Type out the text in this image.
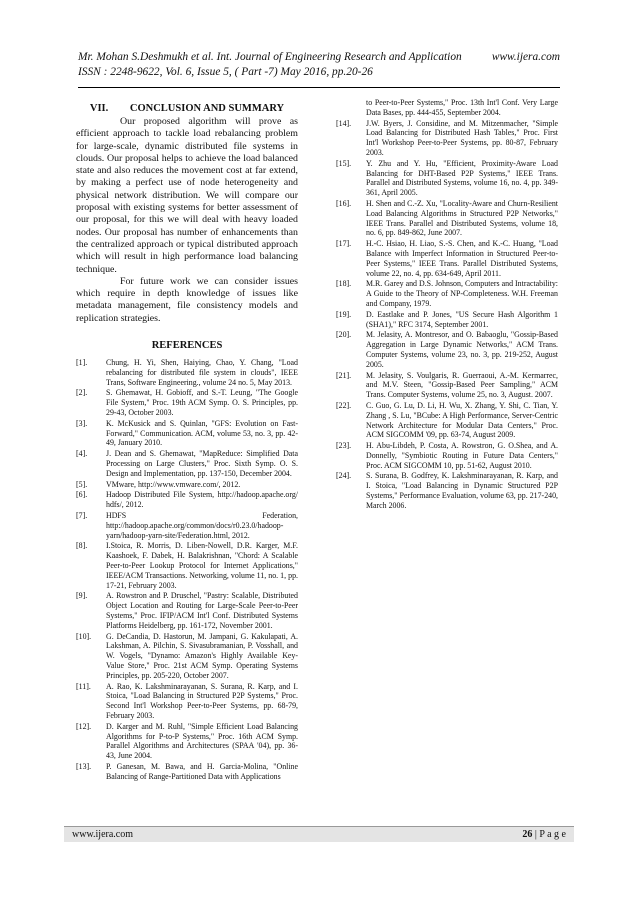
Mr. Mohan S.Deshmukh et al. Int. Journal of Engineering Research and Application	www.ijera.com
ISSN : 2248-9622, Vol. 6, Issue 5, ( Part -7) May 2016, pp.20-26
VII. CONCLUSION AND SUMMARY

Our proposed algorithm will prove as efficient approach to tackle load rebalancing problem for large-scale, dynamic distributed file systems in clouds. Our proposal helps to achieve the load balanced state and also reduces the movement cost at far extend, by making a perfect use of node heterogeneity and physical network distribution. We will compare our proposal with existing systems for better assessment of our proposal, for this we will deal with heavy loaded nodes. Our proposal has number of enhancements than the centralized approach or typical distributed approach which will result in high performance load balancing technique.

For future work we can consider issues which require in depth knowledge of issues like metadata management, file consistency models and replication strategies.

REFERENCES
[1].	Chung, H. Yi, Shen, Haiying, Chao, Y. Chang, "Load rebalancing for distributed file system in clouds", IEEE Trans, Software Engineering., volume 24 no. 5, May 2013.
[2].	S. Ghemawat, H. Gobioff, and S.-T. Leung, "The Google File System," Proc. 19th ACM Symp. O. S. Principles, pp. 29-43, October 2003.
[3].	K. McKusick and S. Quinlan, "GFS: Evolution on Fast-Forward," Communication. ACM, volume 53, no. 3, pp. 42-49, January 2010.
[4].	J. Dean and S. Ghemawat, "MapReduce: Simplified Data Processing on Large Clusters," Proc. Sixth Symp. O. S. Design and Implementation, pp. 137-150, December 2004.
[5].	VMware, http://www.vmware.com/, 2012.
[6].	Hadoop Distributed File System, http://hadoop.apache.org/ hdfs/, 2012.
[7].	HDFS Federation, http://hadoop.apache.org/common/docs/r0.23.0/hadoop-yarn/hadoop-yarn-site/Federation.html, 2012.
[8].	I.Stoica, R. Morris, D. Liben-Nowell, D.R. Karger, M.F. Kaashoek, F. Dabek, H. Balakrishnan, "Chord: A Scalable Peer-to-Peer Lookup Protocol for Internet Applications," IEEE/ACM Transactions. Networking, volume 11, no. 1, pp. 17-21, February 2003.
[9].	A. Rowstron and P. Druschel, "Pastry: Scalable, Distributed Object Location and Routing for Large-Scale Peer-to-Peer Systems," Proc. IFIP/ACM Int'l Conf. Distributed Systems Platforms Heidelberg, pp. 161-172, November 2001.
[10].	G. DeCandia, D. Hastorun, M. Jampani, G. Kakulapati, A. Lakshman, A. Pilchin, S. Sivasubramanian, P. Vosshall, and W. Vogels, "Dynamo: Amazon's Highly Available Key-Value Store," Proc. 21st ACM Symp. Operating Systems Principles, pp. 205-220, October 2007.
[11].	A. Rao, K. Lakshminarayanan, S. Surana, R. Karp, and I. Stoica, "Load Balancing in Structured P2P Systems," Proc. Second Int'l Workshop Peer-to-Peer Systems, pp. 68-79, February 2003.
[12].	D. Karger and M. Ruhl, "Simple Efficient Load Balancing Algorithms for P-to-P Systems," Proc. 16th ACM Symp. Parallel Algorithms and Architectures (SPAA '04), pp. 36-43, June 2004.
[13].	P. Ganesan, M. Bawa, and H. Garcia-Molina, "Online Balancing of Range-Partitioned Data with Applications
to Peer-to-Peer Systems," Proc. 13th Int'l Conf. Very Large Data Bases, pp. 444-455, September 2004.
[14].	J.W. Byers, J. Considine, and M. Mitzenmacher, "Simple Load Balancing for Distributed Hash Tables," Proc. First Int'l Workshop Peer-to-Peer Systems, pp. 80-87, February 2003.
[15].	Y. Zhu and Y. Hu, "Efficient, Proximity-Aware Load Balancing for DHT-Based P2P Systems," IEEE Trans. Parallel and Distributed Systems, volume 16, no. 4, pp. 349-361, April 2005.
[16].	H. Shen and C.-Z. Xu, "Locality-Aware and Churn-Resilient Load Balancing Algorithms in Structured P2P Networks," IEEE Trans. Parallel and Distributed Systems, volume 18, no. 6, pp. 849-862, June 2007.
[17].	H.-C. Hsiao, H. Liao, S.-S. Chen, and K.-C. Huang, "Load Balance with Imperfect Information in Structured Peer-to-Peer Systems," IEEE Trans. Parallel Distributed Systems, volume 22, no. 4, pp. 634-649, April 2011.
[18].	M.R. Garey and D.S. Johnson, Computers and Intractability: A Guide to the Theory of NP-Completeness. W.H. Freeman and Company, 1979.
[19].	D. Eastlake and P. Jones, "US Secure Hash Algorithm 1 (SHA1)," RFC 3174, September 2001.
[20].	M. Jelasity, A. Montresor, and O. Babaoglu, "Gossip-Based Aggregation in Large Dynamic Networks," ACM Trans. Computer Systems, volume 23, no. 3, pp. 219-252, August 2005.
[21].	M. Jelasity, S. Voulgaris, R. Guerraoui, A.-M. Kermarrec, and M.V. Steen, "Gossip-Based Peer Sampling," ACM Trans. Computer Systems, volume 25, no. 3, August. 2007.
[22].	C. Guo, G. Lu, D. Li, H. Wu, X. Zhang, Y. Shi, C. Tian, Y. Zhang , S. Lu, "BCube: A High Performance, Server-Centric Network Architecture for Modular Data Centers," Proc. ACM SIGCOMM '09, pp. 63-74, August 2009.
[23].	H. Abu-Libdeh, P. Costa, A. Rowstron, G. O.Shea, and A. Donnelly, "Symbiotic Routing in Future Data Centers," Proc. ACM SIGCOMM 10, pp. 51-62, August 2010.
[24].	S. Surana, B. Godfrey, K. Lakshminarayanan, R. Karp, and I. Stoica, "Load Balancing in Dynamic Structured P2P Systems," Performance Evaluation, volume 63, pp. 217-240, March 2006.
www.ijera.com	26 | P a g e
